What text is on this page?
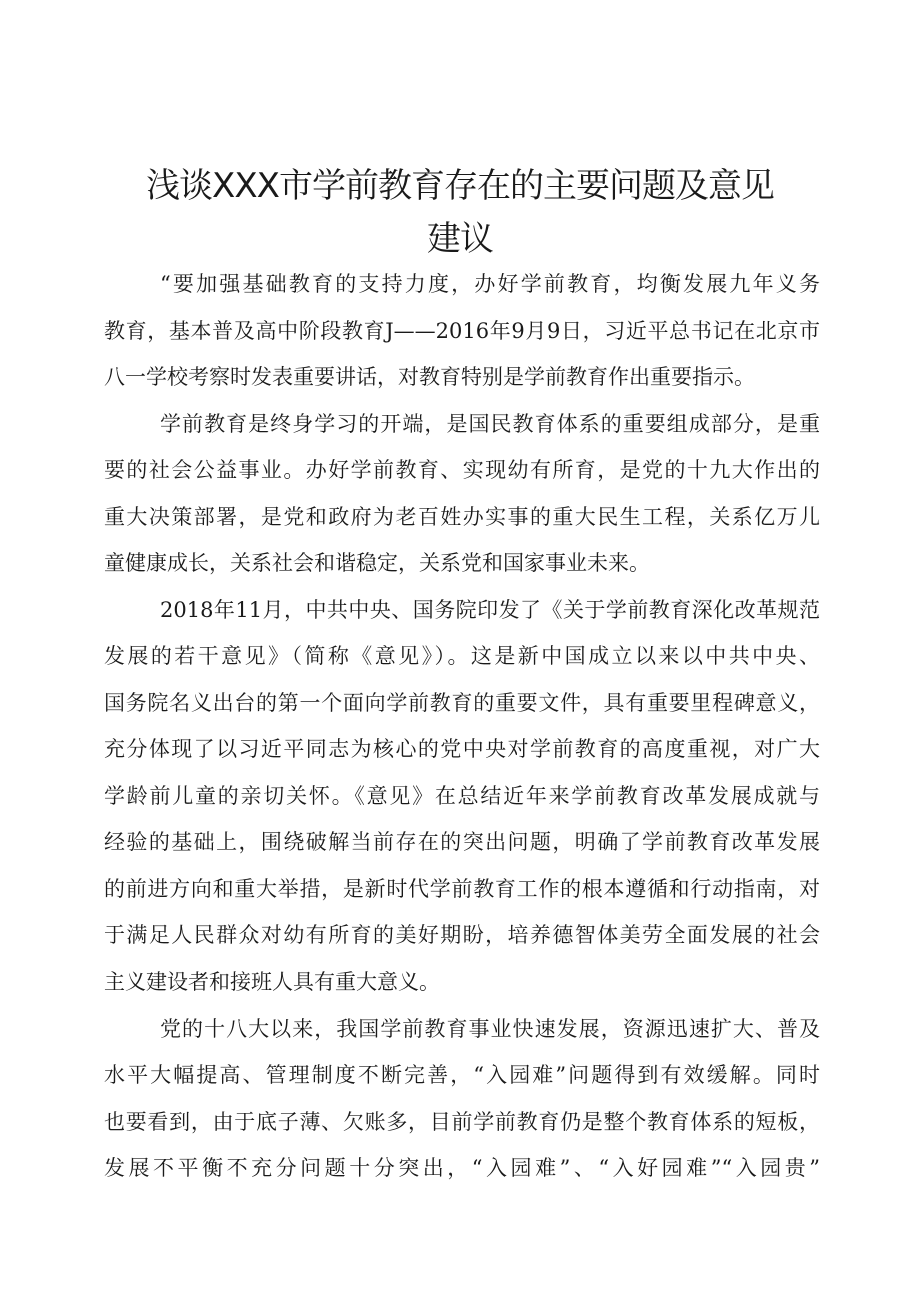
浅谈XXX市学前教育存在的主要问题及意见
建议
“要加强基础教育的支持力度，办好学前教育，均衡发展九年义务
教育，基本普及高中阶段教育J——2016年9月9日，习近平总书记在北京市
八一学校考察时发表重要讲话，对教育特别是学前教育作出重要指示。
学前教育是终身学习的开端，是国民教育体系的重要组成部分，是重
要的社会公益事业。办好学前教育、实现幼有所育，是党的十九大作出的
重大决策部署，是党和政府为老百姓办实事的重大民生工程，关系亿万儿
童健康成长，关系社会和谐稳定，关系党和国家事业未来。
2018年11月，中共中央、国务院印发了《关于学前教育深化改革规范
发展的若干意见》（简称《意见》）。这是新中国成立以来以中共中央、
国务院名义出台的第一个面向学前教育的重要文件，具有重要里程碑意义，
充分体现了以习近平同志为核心的党中央对学前教育的高度重视，对广大
学龄前儿童的亲切关怀。《意见》在总结近年来学前教育改革发展成就与
经验的基础上，围绕破解当前存在的突出问题，明确了学前教育改革发展
的前进方向和重大举措，是新时代学前教育工作的根本遵循和行动指南，对
于满足人民群众对幼有所育的美好期盼，培养德智体美劳全面发展的社会
主义建设者和接班人具有重大意义。
党的十八大以来，我国学前教育事业快速发展，资源迅速扩大、普及
水平大幅提高、管理制度不断完善，“入园难”问题得到有效缓解。同时
也要看到，由于底子薄、欠账多，目前学前教育仍是整个教育体系的短板，
发展不平衡不充分问题十分突出，“入园难”、“入好园难”“入园贵”
